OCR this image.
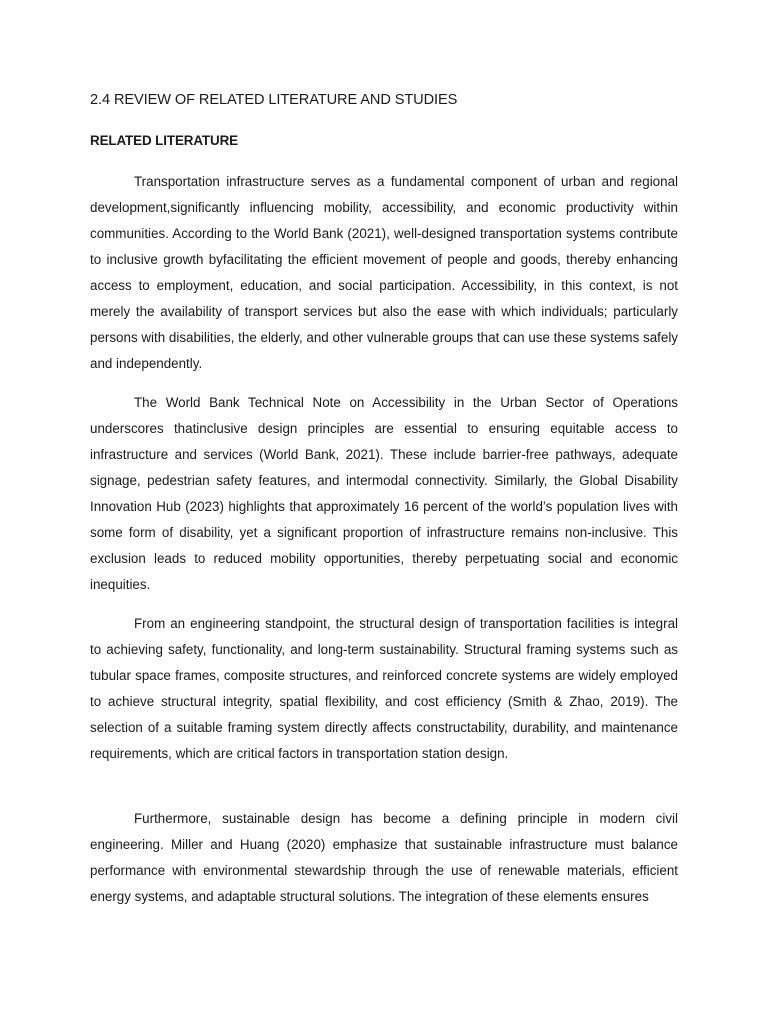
2.4 REVIEW OF RELATED LITERATURE AND STUDIES
RELATED LITERATURE

Transportation infrastructure serves as a fundamental component of urban and regional development,significantly influencing mobility, accessibility, and economic productivity within communities. According to the World Bank (2021), well-designed transportation systems contribute to inclusive growth byfacilitating the efficient movement of people and goods, thereby enhancing access to employment, education, and social participation. Accessibility, in this context, is not merely the availability of transport services but also the ease with which individuals; particularly persons with disabilities, the elderly, and other vulnerable groups that can use these systems safely and independently.

The World Bank Technical Note on Accessibility in the Urban Sector of Operations underscores thatinclusive design principles are essential to ensuring equitable access to infrastructure and services (World Bank, 2021). These include barrier-free pathways, adequate signage, pedestrian safety features, and intermodal connectivity. Similarly, the Global Disability Innovation Hub (2023) highlights that approximately 16 percent of the world’s population lives with some form of disability, yet a significant proportion of infrastructure remains non-inclusive. This exclusion leads to reduced mobility opportunities, thereby perpetuating social and economic inequities.

From an engineering standpoint, the structural design of transportation facilities is integral to achieving safety, functionality, and long-term sustainability. Structural framing systems such as tubular space frames, composite structures, and reinforced concrete systems are widely employed to achieve structural integrity, spatial flexibility, and cost efficiency (Smith & Zhao, 2019). The selection of a suitable framing system directly affects constructability, durability, and maintenance requirements, which are critical factors in transportation station design.

Furthermore, sustainable design has become a defining principle in modern civil engineering. Miller and Huang (2020) emphasize that sustainable infrastructure must balance performance with environmental stewardship through the use of renewable materials, efficient energy systems, and adaptable structural solutions. The integration of these elements ensures
